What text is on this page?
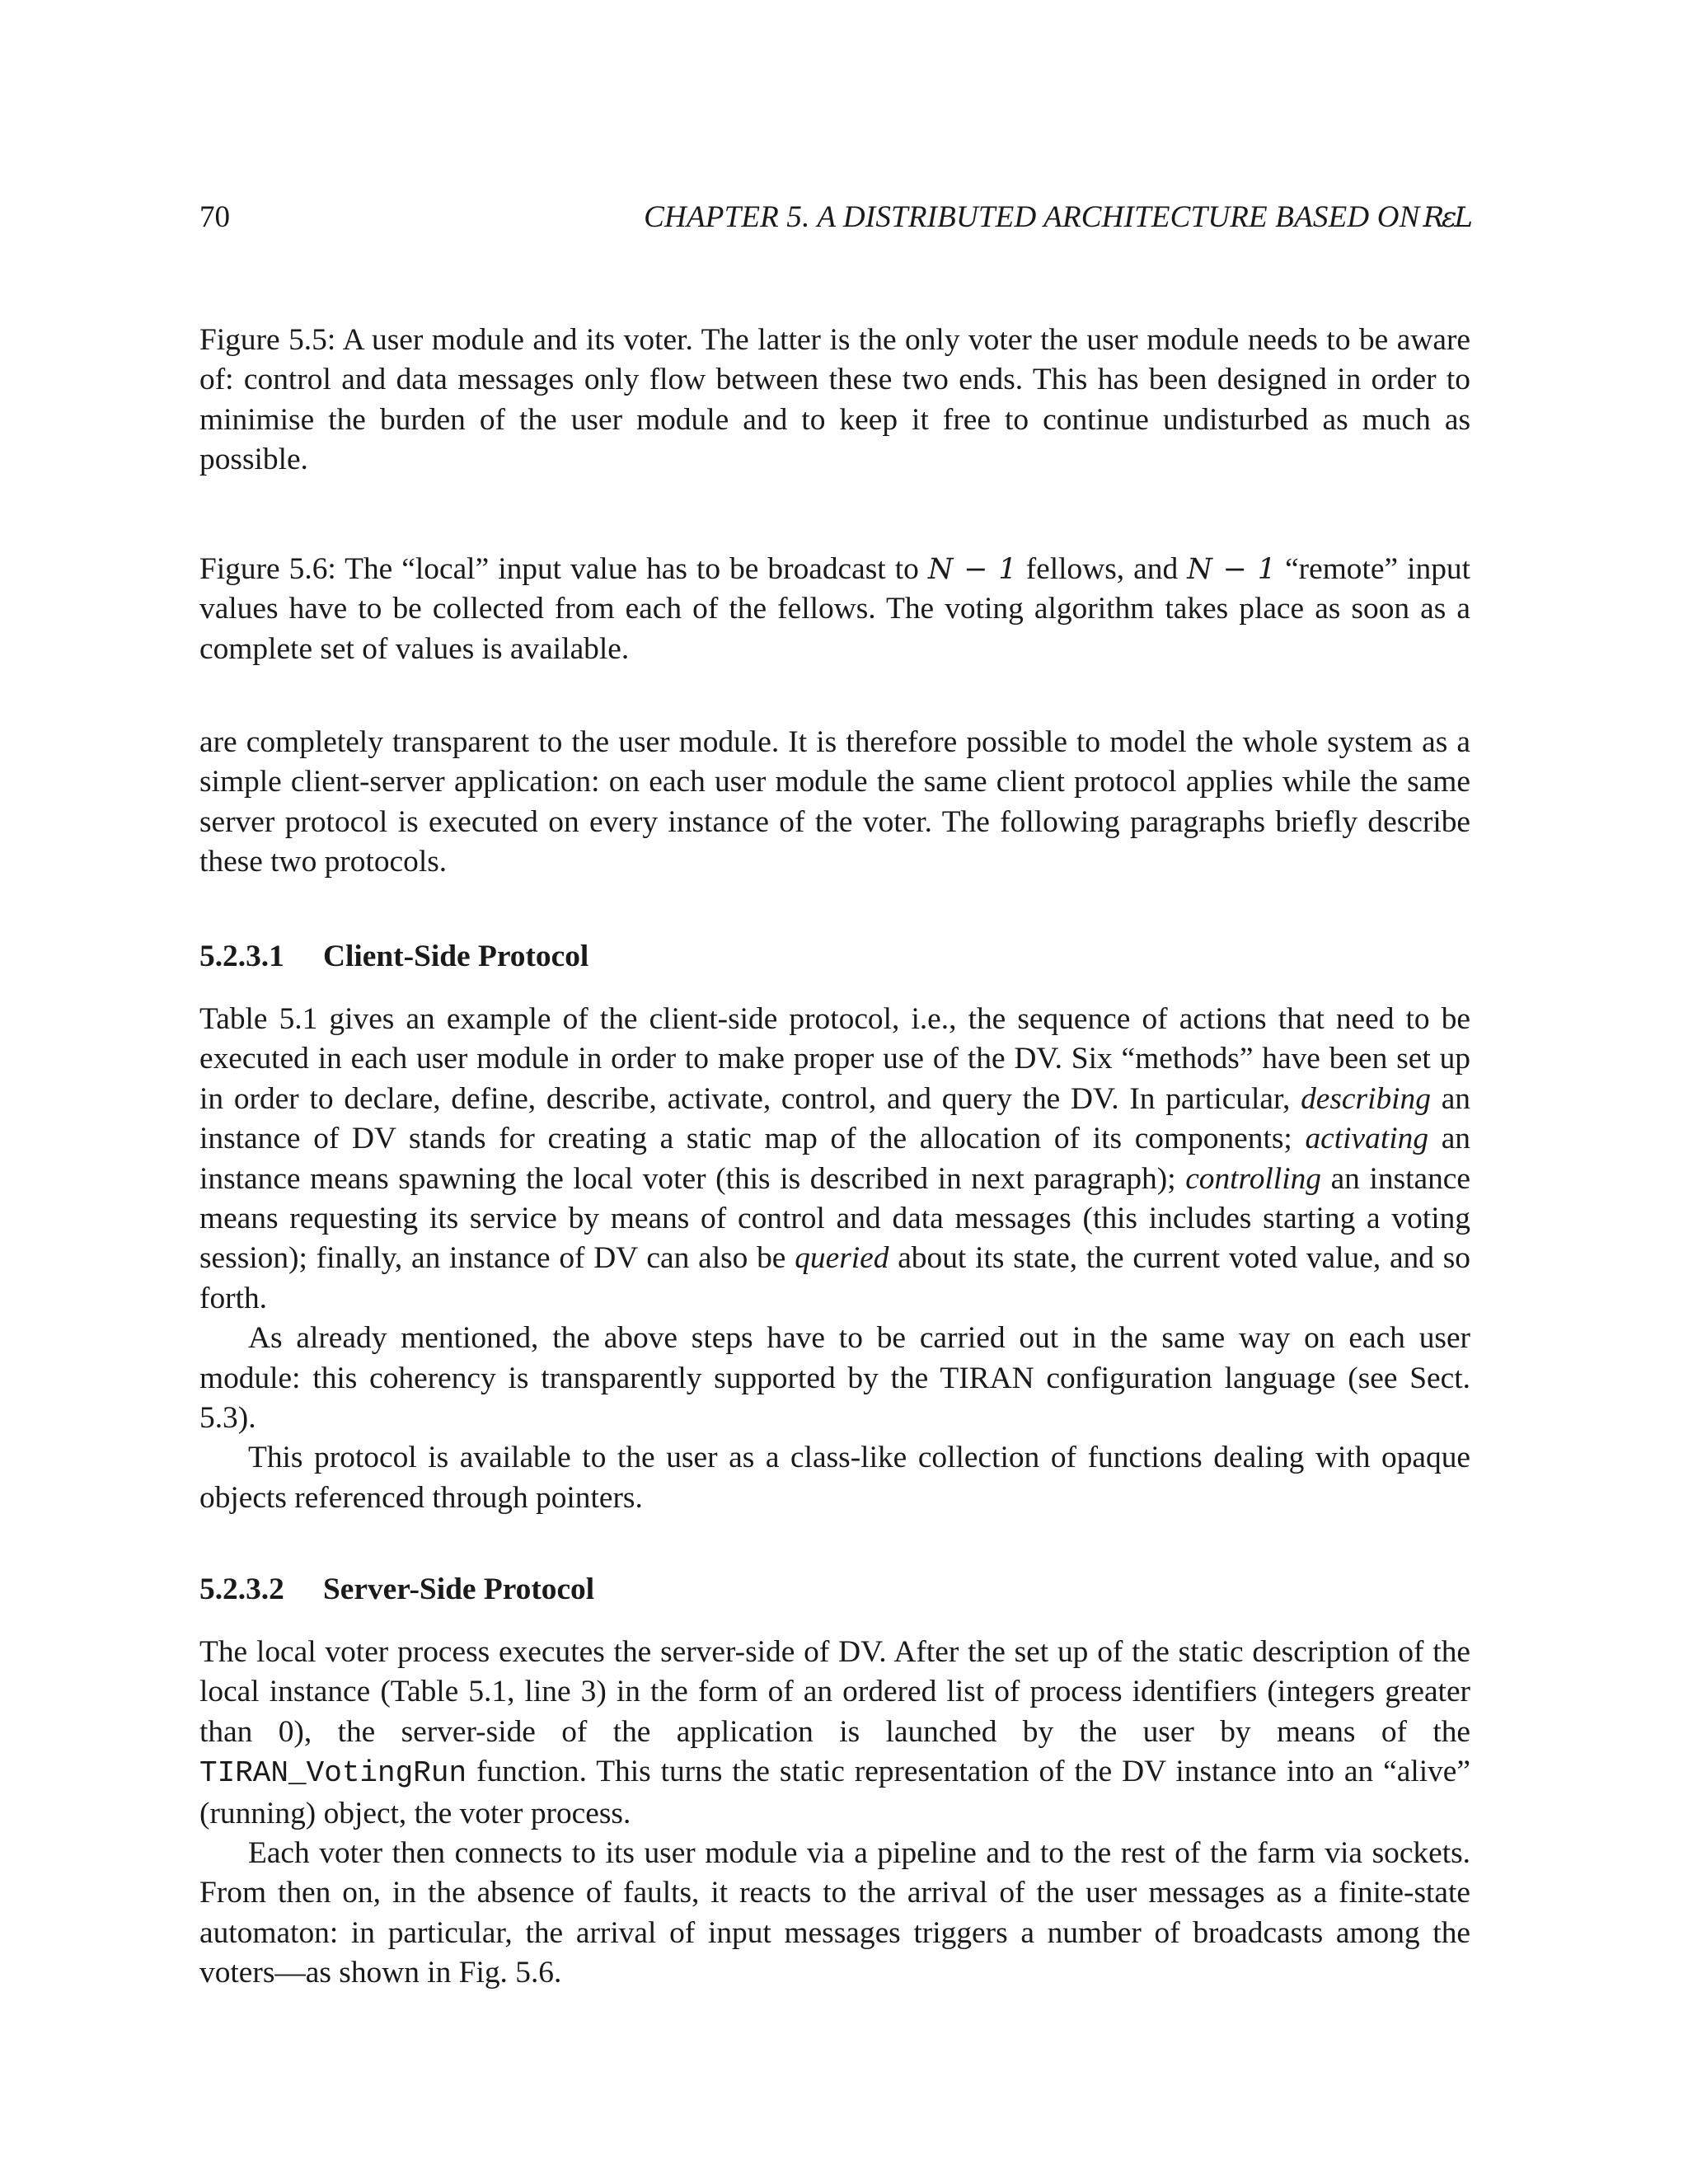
70	CHAPTER 5. A DISTRIBUTED ARCHITECTURE BASED ON RεL

Figure 5.5: A user module and its voter. The latter is the only voter the user module needs to be aware of: control and data messages only flow between these two ends. This has been designed in order to minimise the burden of the user module and to keep it free to continue undisturbed as much as possible.

Figure 5.6: The “local” input value has to be broadcast to N − 1 fellows, and N − 1 “remote” input values have to be collected from each of the fellows. The voting algorithm takes place as soon as a complete set of values is available.

are completely transparent to the user module. It is therefore possible to model the whole system as a simple client-server application: on each user module the same client protocol applies while the same server protocol is executed on every instance of the voter. The following paragraphs briefly describe these two protocols.

5.2.3.1 Client-Side Protocol

Table 5.1 gives an example of the client-side protocol, i.e., the sequence of actions that need to be executed in each user module in order to make proper use of the DV. Six “methods” have been set up in order to declare, define, describe, activate, control, and query the DV. In particular, describing an instance of DV stands for creating a static map of the allocation of its components; activating an instance means spawning the local voter (this is described in next paragraph); controlling an instance means requesting its service by means of control and data messages (this includes starting a voting session); finally, an instance of DV can also be queried about its state, the current voted value, and so forth.

As already mentioned, the above steps have to be carried out in the same way on each user module: this coherency is transparently supported by the TIRAN configuration language (see Sect. 5.3).

This protocol is available to the user as a class-like collection of functions dealing with opaque objects referenced through pointers.

5.2.3.2 Server-Side Protocol

The local voter process executes the server-side of DV. After the set up of the static description of the local instance (Table 5.1, line 3) in the form of an ordered list of process identifiers (integers greater than 0), the server-side of the application is launched by the user by means of the TIRAN_VotingRun function. This turns the static representation of the DV instance into an “alive” (running) object, the voter process.

Each voter then connects to its user module via a pipeline and to the rest of the farm via sockets. From then on, in the absence of faults, it reacts to the arrival of the user messages as a finite-state automaton: in particular, the arrival of input messages triggers a number of broadcasts among the voters—as shown in Fig. 5.6.
